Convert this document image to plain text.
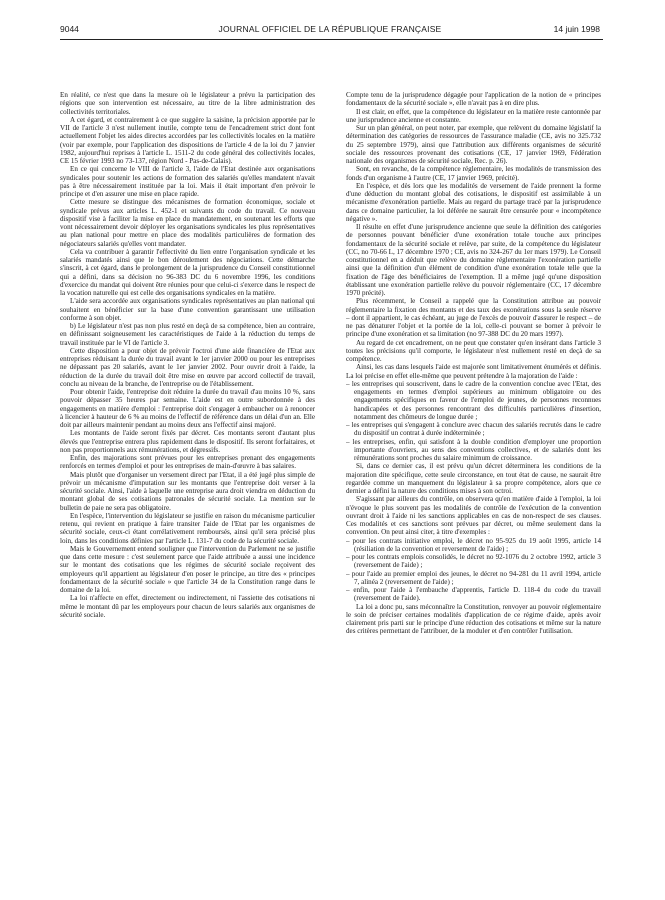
9044	JOURNAL OFFICIEL DE LA RÉPUBLIQUE FRANÇAISE	14 juin 1998

En réalité, ce n'est que dans la mesure où le législateur a prévu la participation des régions que son intervention est nécessaire, au titre de la libre administration des collectivités territoriales.

A cet égard, et contrairement à ce que suggère la saisine, la précision apportée par le VII de l'article 3 n'est nullement inutile, compte tenu de l'encadrement strict dont font actuellement l'objet les aides directes accordées par les collectivités locales en la matière (voir par exemple, pour l'application des dispositions de l'article 4 de la loi du 7 janvier 1982, aujourd'hui reprises à l'article L. 1511-2 du code général des collectivités locales, CE 15 février 1993 no 73-137, région Nord - Pas-de-Calais).

En ce qui concerne le VIII de l'article 3, l'aide de l'Etat destinée aux organisations syndicales pour soutenir les actions de formation des salariés qu'elles mandatent n'avait pas à être nécessairement instituée par la loi. Mais il était important d'en prévoir le principe et d'en assurer une mise en place rapide.

Cette mesure se distingue des mécanismes de formation économique, sociale et syndicale prévus aux articles L. 452-1 et suivants du code du travail. Ce nouveau dispositif vise à faciliter la mise en place du mandatement, en soutenant les efforts que vont nécessairement devoir déployer les organisations syndicales les plus représentatives au plan national pour mettre en place des modalités particulières de formation des négociateurs salariés qu'elles vont mandater.

Cela va contribuer à garantir l'effectivité du lien entre l'organisation syndicale et les salariés mandatés ainsi que le bon déroulement des négociations. Cette démarche s'inscrit, à cet égard, dans le prolongement de la jurisprudence du Conseil constitutionnel qui a défini, dans sa décision no 96-383 DC du 6 novembre 1996, les conditions d'exercice du mandat qui doivent être réunies pour que celui-ci s'exerce dans le respect de la vocation naturelle qui est celle des organisations syndicales en la matière.

L'aide sera accordée aux organisations syndicales représentatives au plan national qui souhaitent en bénéficier sur la base d'une convention garantissant une utilisation conforme à son objet.

b) Le législateur n'est pas non plus resté en deçà de sa compétence, bien au contraire, en définissant soigneusement les caractéristiques de l'aide à la réduction du temps de travail instituée par le VI de l'article 3.

Cette disposition a pour objet de prévoir l'octroi d'une aide financière de l'Etat aux entreprises réduisant la durée du travail avant le 1er janvier 2000 ou pour les entreprises ne dépassant pas 20 salariés, avant le 1er janvier 2002. Pour ouvrir droit à l'aide, la réduction de la durée du travail doit être mise en œuvre par accord collectif de travail, conclu au niveau de la branche, de l'entreprise ou de l'établissement.

Pour obtenir l'aide, l'entreprise doit réduire la durée du travail d'au moins 10 %, sans pouvoir dépasser 35 heures par semaine. L'aide est en outre subordonnée à des engagements en matière d'emploi : l'entreprise doit s'engager à embaucher ou à renoncer à licencier à hauteur de 6 % au moins de l'effectif de référence dans un délai d'un an. Elle doit par ailleurs maintenir pendant au moins deux ans l'effectif ainsi majoré.

Les montants de l'aide seront fixés par décret. Ces montants seront d'autant plus élevés que l'entreprise entrera plus rapidement dans le dispositif. Ils seront forfaitaires, et non pas proportionnels aux rémunérations, et dégressifs.

Enfin, des majorations sont prévues pour les entreprises prenant des engagements renforcés en termes d'emploi et pour les entreprises de main-d'œuvre à bas salaires.

Mais plutôt que d'organiser un versement direct par l'Etat, il a été jugé plus simple de prévoir un mécanisme d'imputation sur les montants que l'entreprise doit verser à la sécurité sociale. Ainsi, l'aide à laquelle une entreprise aura droit viendra en déduction du montant global de ses cotisations patronales de sécurité sociale. La mention sur le bulletin de paie ne sera pas obligatoire.

En l'espèce, l'intervention du législateur se justifie en raison du mécanisme particulier retenu, qui revient en pratique à faire transiter l'aide de l'Etat par les organismes de sécurité sociale, ceux-ci étant corrélativement remboursés, ainsi qu'il sera précisé plus loin, dans les conditions définies par l'article L. 131-7 du code de la sécurité sociale.

Mais le Gouvernement entend souligner que l'intervention du Parlement ne se justifie que dans cette mesure : c'est seulement parce que l'aide attribuée a aussi une incidence sur le montant des cotisations que les régimes de sécurité sociale reçoivent des employeurs qu'il appartient au législateur d'en poser le principe, au titre des « principes fondamentaux de la sécurité sociale » que l'article 34 de la Constitution range dans le domaine de la loi.

La loi n'affecte en effet, directement ou indirectement, ni l'assiette des cotisations ni même le montant dû par les employeurs pour chacun de leurs salariés aux organismes de sécurité sociale.

Compte tenu de la jurisprudence dégagée pour l'application de la notion de « principes fondamentaux de la sécurité sociale », elle n'avait pas à en dire plus.

Il est clair, en effet, que la compétence du législateur en la matière reste cantonnée par une jurisprudence ancienne et constante.

Sur un plan général, on peut noter, par exemple, que relèvent du domaine législatif la détermination des catégories de ressources de l'assurance maladie (CE, avis no 325.732 du 25 septembre 1979), ainsi que l'attribution aux différents organismes de sécurité sociale des ressources provenant des cotisations (CE, 17 janvier 1969, Fédération nationale des organismes de sécurité sociale, Rec. p. 26).

Sont, en revanche, de la compétence réglementaire, les modalités de transmission des fonds d'un organisme à l'autre (CE, 17 janvier 1969, précité).

En l'espèce, et dès lors que les modalités de versement de l'aide prennent la forme d'une déduction du montant global des cotisations, le dispositif est assimilable à un mécanisme d'exonération partielle. Mais au regard du partage tracé par la jurisprudence dans ce domaine particulier, la loi déférée ne saurait être censurée pour « incompétence négative ».

Il résulte en effet d'une jurisprudence ancienne que seule la définition des catégories de personnes pouvant bénéficier d'une exonération totale touche aux principes fondamentaux de la sécurité sociale et relève, par suite, de la compétence du législateur (CC, no 70-66 L, 17 décembre 1970 ; CE, avis no 324-267 du 1er mars 1979). Le Conseil constitutionnel en a déduit que relève du domaine réglementaire l'exonération partielle ainsi que la définition d'un élément de condition d'une exonération totale telle que la fixation de l'âge des bénéficiaires de l'exemption. Il a même jugé qu'une disposition établissant une exonération partielle relève du pouvoir réglementaire (CC, 17 décembre 1970 précité).

Plus récemment, le Conseil a rappelé que la Constitution attribue au pouvoir réglementaire la fixation des montants et des taux des exonérations sous la seule réserve – dont il appartient, le cas échéant, au juge de l'excès de pouvoir d'assurer le respect – de ne pas dénaturer l'objet et la portée de la loi, celle-ci pouvant se borner à prévoir le principe d'une exonération et sa limitation (no 97-388 DC du 20 mars 1997).

Au regard de cet encadrement, on ne peut que constater qu'en insérant dans l'article 3 toutes les précisions qu'il comporte, le législateur n'est nullement resté en deçà de sa compétence.

Ainsi, les cas dans lesquels l'aide est majorée sont limitativement énumérés et définis. La loi précise en effet elle-même que peuvent prétendre à la majoration de l'aide :

– les entreprises qui souscrivent, dans le cadre de la convention conclue avec l'Etat, des engagements en termes d'emploi supérieurs au minimum obligatoire ou des engagements spécifiques en faveur de l'emploi de jeunes, de personnes reconnues handicapées et des personnes rencontrant des difficultés particulières d'insertion, notamment des chômeurs de longue durée ;
– les entreprises qui s'engagent à conclure avec chacun des salariés recrutés dans le cadre du dispositif un contrat à durée indéterminée ;
– les entreprises, enfin, qui satisfont à la double condition d'employer une proportion importante d'ouvriers, au sens des conventions collectives, et de salariés dont les rémunérations sont proches du salaire minimum de croissance.

Si, dans ce dernier cas, il est prévu qu'un décret déterminera les conditions de la majoration dite spécifique, cette seule circonstance, en tout état de cause, ne saurait être regardée comme un manquement du législateur à sa propre compétence, alors que ce dernier a défini la nature des conditions mises à son octroi.

S'agissant par ailleurs du contrôle, on observera qu'en matière d'aide à l'emploi, la loi n'évoque le plus souvent pas les modalités de contrôle de l'exécution de la convention ouvrant droit à l'aide ni les sanctions applicables en cas de non-respect de ses clauses. Ces modalités et ces sanctions sont prévues par décret, ou même seulement dans la convention. On peut ainsi citer, à titre d'exemples :

– pour les contrats initiative emploi, le décret no 95-925 du 19 août 1995, article 14 (résiliation de la convention et reversement de l'aide) ;
– pour les contrats emplois consolidés, le décret no 92-1076 du 2 octobre 1992, article 3 (reversement de l'aide) ;
– pour l'aide au premier emploi des jeunes, le décret no 94-281 du 11 avril 1994, article 7, alinéa 2 (reversement de l'aide) ;
– enfin, pour l'aide à l'embauche d'apprentis, l'article D. 118-4 du code du travail (reversement de l'aide).

La loi a donc pu, sans méconnaître la Constitution, renvoyer au pouvoir réglementaire le soin de préciser certaines modalités d'application de ce régime d'aide, après avoir clairement pris parti sur le principe d'une réduction des cotisations et même sur la nature des critères permettant de l'attribuer, de la moduler et d'en contrôler l'utilisation.
